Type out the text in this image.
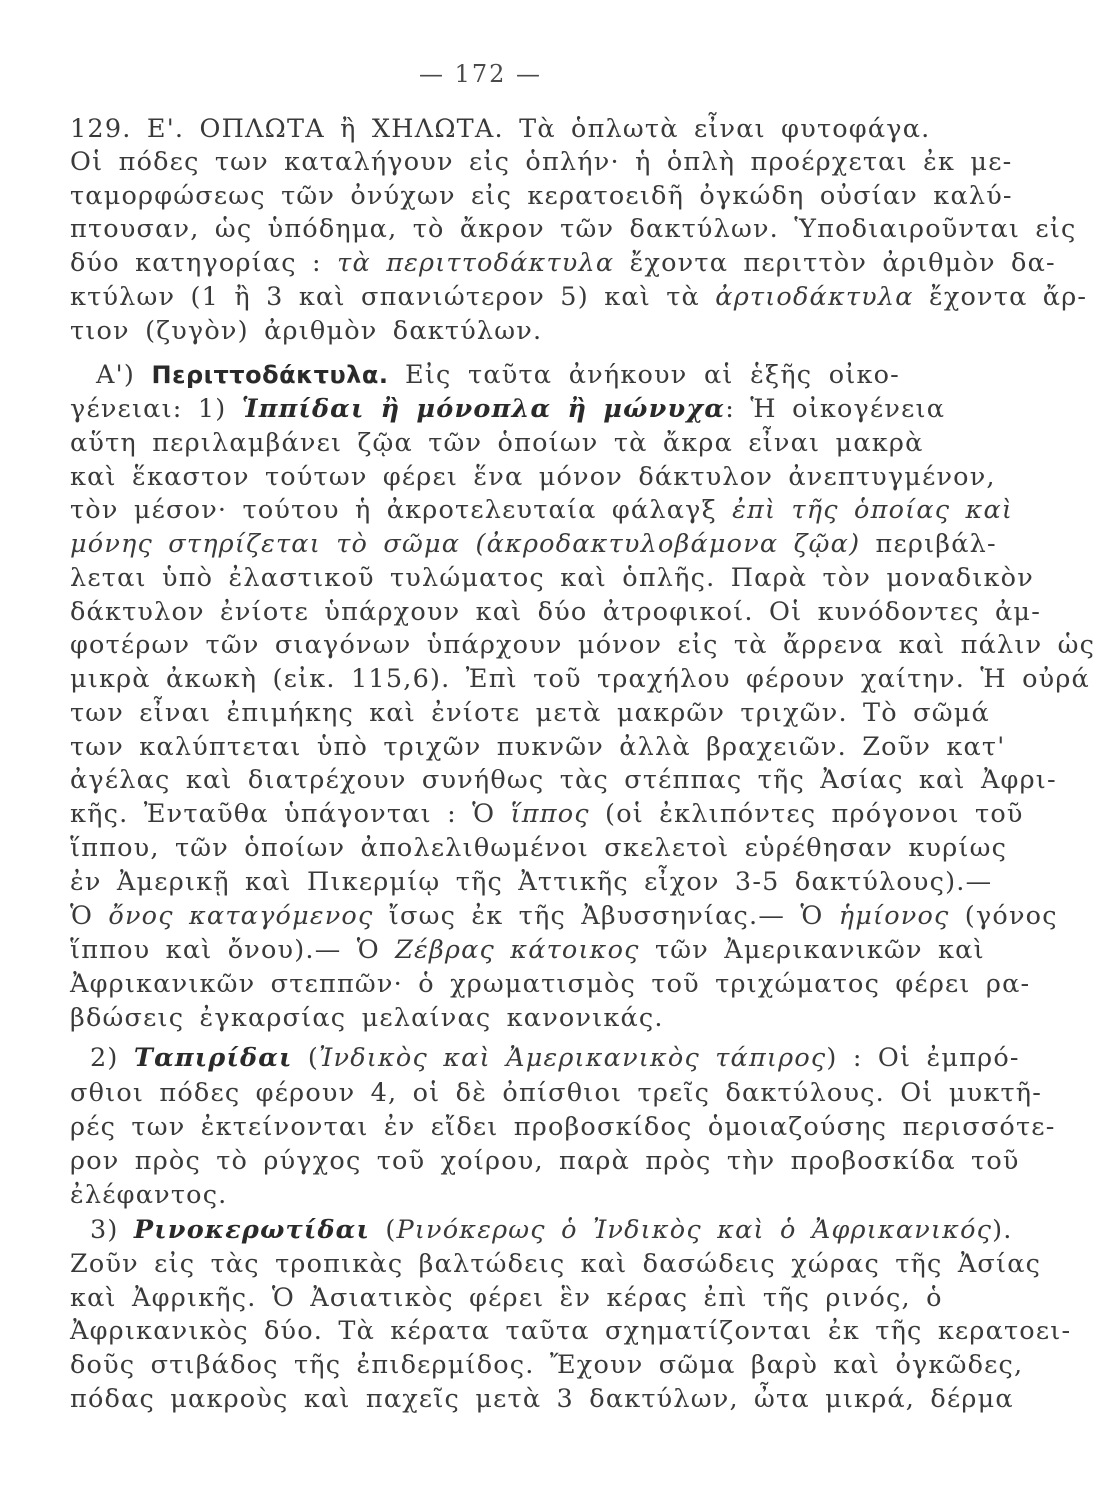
— 172 —
129. Ε'. ΟΠΛΩΤΑ ἢ ΧΗΛΩΤΑ. Τὰ ὁπλωτὰ εἶναι φυτοφάγα.
Οἱ πόδες των καταλήγουν εἰς ὁπλήν· ἡ ὁπλὴ προέρχεται ἐκ με-
ταμορφώσεως τῶν ὀνύχων εἰς κερατοειδῆ ὀγκώδη οὐσίαν καλύ-
πτουσαν, ὡς ὑπόδημα, τὸ ἄκρον τῶν δακτύλων. Ὑποδιαιροῦνται εἰς
δύο κατηγορίας : τὰ περιττοδάκτυλα ἔχοντα περιττὸν ἀριθμὸν δα-
κτύλων (1 ἢ 3 καὶ σπανιώτερον 5) καὶ τὰ ἀρτιοδάκτυλα ἔχοντα ἄρ-
τιον (ζυγὸν) ἀριθμὸν δακτύλων.
Α') Περιττοδάκτυλα. Εἰς ταῦτα ἀνήκουν αἱ ἑξῆς οἰκο-
γένειαι: 1) Ἱππίδαι ἢ μόνοπλα ἢ μώνυχα: Ἡ οἰκογένεια
αὕτη περιλαμβάνει ζῷα τῶν ὁποίων τὰ ἄκρα εἶναι μακρὰ
καὶ ἕκαστον τούτων φέρει ἕνα μόνον δάκτυλον ἀνεπτυγμένον,
τὸν μέσον· τούτου ἡ ἀκροτελευταία φάλαγξ ἐπὶ τῆς ὁποίας καὶ
μόνης στηρίζεται τὸ σῶμα (ἀκροδακτυλοβάμονα ζῷα) περιβάλ-
λεται ὑπὸ ἐλαστικοῦ τυλώματος καὶ ὁπλῆς. Παρὰ τὸν μοναδικὸν
δάκτυλον ἐνίοτε ὑπάρχουν καὶ δύο ἀτροφικοί. Οἱ κυνόδοντες ἀμ-
φοτέρων τῶν σιαγόνων ὑπάρχουν μόνον εἰς τὰ ἄρρενα καὶ πάλιν ὡς
μικρὰ ἀκωκὴ (εἰκ. 115,6). Ἐπὶ τοῦ τραχήλου φέρουν χαίτην. Ἡ οὐρά
των εἶναι ἐπιμήκης καὶ ἐνίοτε μετὰ μακρῶν τριχῶν. Τὸ σῶμά
των καλύπτεται ὑπὸ τριχῶν πυκνῶν ἀλλὰ βραχειῶν. Ζοῦν κατ'
ἀγέλας καὶ διατρέχουν συνήθως τὰς στέππας τῆς Ἀσίας καὶ Ἀφρι-
κῆς. Ἐνταῦθα ὑπάγονται : Ὁ ἵππος (οἱ ἐκλιπόντες πρόγονοι τοῦ
ἵππου, τῶν ὁποίων ἀπολελιθωμένοι σκελετοὶ εὑρέθησαν κυρίως
ἐν Ἀμερικῇ καὶ Πικερμίῳ τῆς Ἀττικῆς εἶχον 3-5 δακτύλους).—
Ὁ ὄνος καταγόμενος ἴσως ἐκ τῆς Ἀβυσσηνίας.— Ὁ ἡμίονος (γόνος
ἵππου καὶ ὄνου).— Ὁ Ζέβρας κάτοικος τῶν Ἀμερικανικῶν καὶ
Ἀφρικανικῶν στεππῶν· ὁ χρωματισμὸς τοῦ τριχώματος φέρει ρα-
βδώσεις ἐγκαρσίας μελαίνας κανονικάς.
2) Ταπιρίδαι (Ἰνδικὸς καὶ Ἀμερικανικὸς τάπιρος) : Οἱ ἐμπρό-
σθιοι πόδες φέρουν 4, οἱ δὲ ὀπίσθιοι τρεῖς δακτύλους. Οἱ μυκτῆ-
ρές των ἐκτείνονται ἐν εἴδει προβοσκίδος ὁμοιαζούσης περισσότε-
ρον πρὸς τὸ ρύγχος τοῦ χοίρου, παρὰ πρὸς τὴν προβοσκίδα τοῦ
ἐλέφαντος.
3) Ρινοκερωτίδαι (Ρινόκερως ὁ Ἰνδικὸς καὶ ὁ Ἀφρικανικός).
Ζοῦν εἰς τὰς τροπικὰς βαλτώδεις καὶ δασώδεις χώρας τῆς Ἀσίας
καὶ Ἀφρικῆς. Ὁ Ἀσιατικὸς φέρει ἓν κέρας ἐπὶ τῆς ρινός, ὁ
Ἀφρικανικὸς δύο. Τὰ κέρατα ταῦτα σχηματίζονται ἐκ τῆς κερατοει-
δοῦς στιβάδος τῆς ἐπιδερμίδος. Ἔχουν σῶμα βαρὺ καὶ ὀγκῶδες,
πόδας μακροὺς καὶ παχεῖς μετὰ 3 δακτύλων, ὦτα μικρά, δέρμα
